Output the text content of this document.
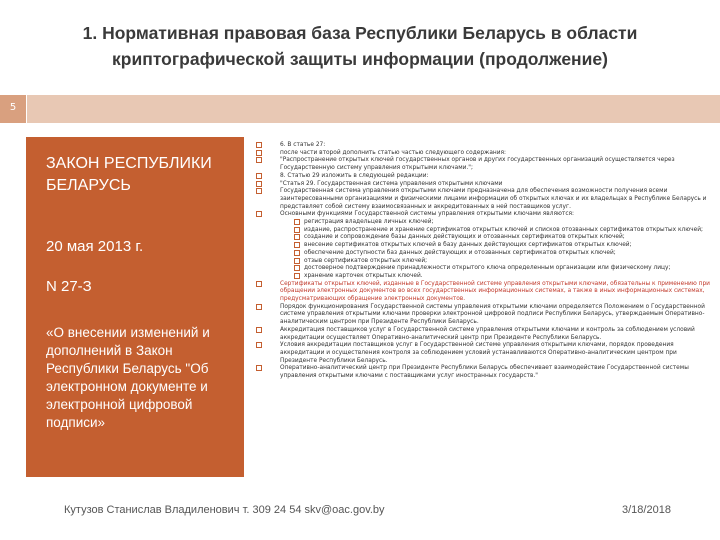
1. Нормативная правовая база Республики Беларусь в области
криптографической защиты информации (продолжение)
5
ЗАКОН РЕСПУБЛИКИ БЕЛАРУСЬ
20 мая 2013 г.
N 27-З
«О внесении изменений и дополнений в Закон Республики Беларусь "Об электронном документе и электронной цифровой подписи»
6. В статье 27:
после части второй дополнить статью частью следующего содержания:
"Распространение открытых ключей государственных органов и других государственных организаций осуществляется через Государственную систему управления открытыми ключами.";
8. Статью 29 изложить в следующей редакции:
"Статья 29. Государственная система управления открытыми ключами
Государственная система управления открытыми ключами предназначена для обеспечения возможности получения всеми заинтересованными организациями и физическими лицами информации об открытых ключах и их владельцах в Республике Беларусь и представляет собой систему взаимосвязанных и аккредитованных в ней поставщиков услуг.
Основными функциями Государственной системы управления открытыми ключами являются:
регистрация владельцев личных ключей;
издание, распространение и хранение сертификатов открытых ключей и списков отозванных сертификатов открытых ключей;
создание и сопровождение базы данных действующих и отозванных сертификатов открытых ключей;
внесение сертификатов открытых ключей в базу данных действующих сертификатов открытых ключей;
обеспечение доступности баз данных действующих и отозванных сертификатов открытых ключей;
отзыв сертификатов открытых ключей;
достоверное подтверждение принадлежности открытого ключа определенным организации или физическому лицу;
хранение карточек открытых ключей.
Сертификаты открытых ключей, изданные в Государственной системе управления открытыми ключами, обязательны к применению при обращении электронных документов во всех государственных информационных системах, а также в иных информационных системах, предусматривающих обращение электронных документов.
Порядок функционирования Государственной системы управления открытыми ключами определяется Положением о Государственной системе управления открытыми ключами проверки электронной цифровой подписи Республики Беларусь, утверждаемым Оперативно-аналитическим центром при Президенте Республики Беларусь.
Аккредитация поставщиков услуг в Государственной системе управления открытыми ключами и контроль за соблюдением условий аккредитации осуществляет Оперативно-аналитический центр при Президенте Республики Беларусь.
Условия аккредитации поставщиков услуг в Государственной системе управления открытыми ключами, порядок проведения аккредитации и осуществления контроля за соблюдением условий устанавливаются Оперативно-аналитическим центром при Президенте Республики Беларусь.
Оперативно-аналитический центр при Президенте Республики Беларусь обеспечивает взаимодействие Государственной системы управления открытыми ключами с поставщиками услуг иностранных государств."
Кутузов Станислав Владиленович т. 309 24 54 skv@oac.gov.by	3/18/2018
